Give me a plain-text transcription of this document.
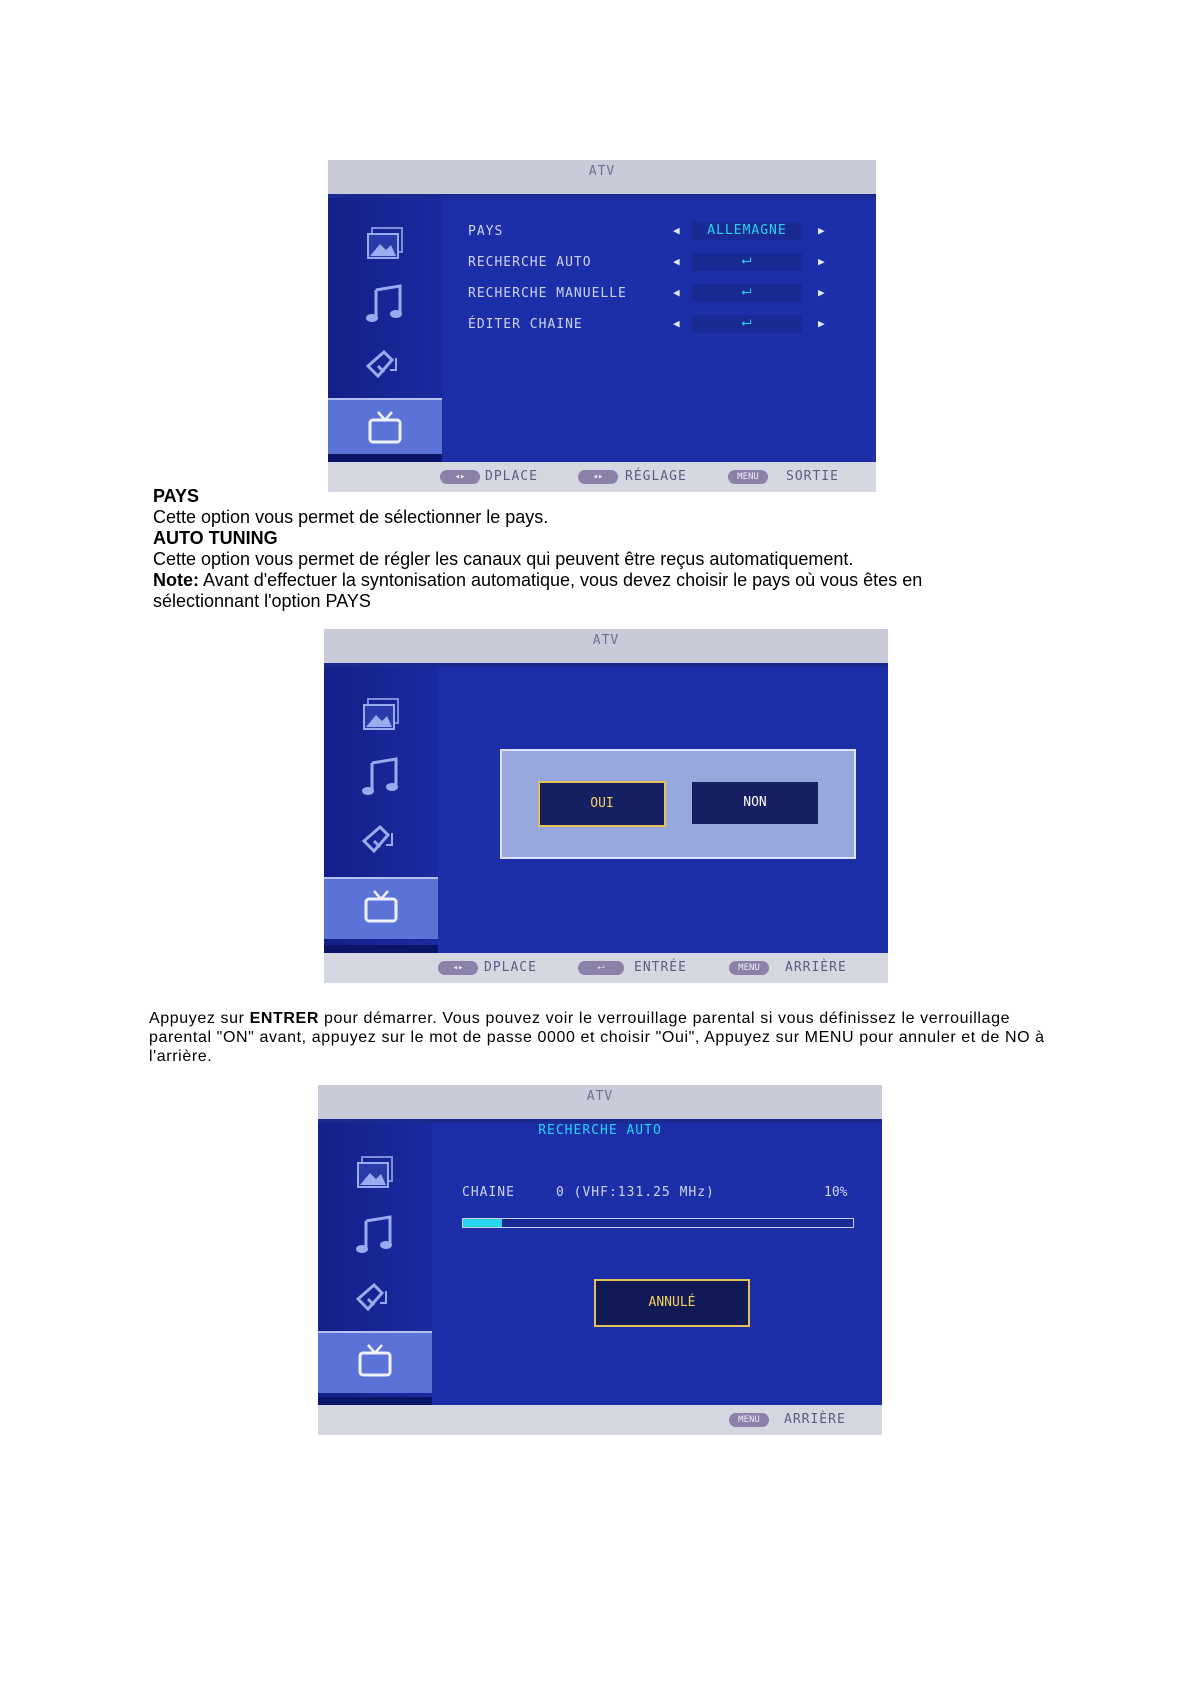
ATV
PAYS	◀	ALLEMAGNE	▶
RECHERCHE AUTO	◀	⮠	▶
RECHERCHE MANUELLE	◀	⮠	▶
ÉDITER CHAINE	◀	⮠	▶
◂▸	DPLACE	◂▸	RÉGLAGE	MENU	SORTIE
PAYS
Cette option vous permet de sélectionner le pays.
AUTO TUNING
Cette option vous permet de régler les canaux qui peuvent être reçus automatiquement.
Note: Avant d'effectuer la syntonisation automatique, vous devez choisir le pays où vous êtes en sélectionnant l'option PAYS
ATV
OUI	NON
◂▸	DPLACE	⮠	ENTRÉE	MENU	ARRIÈRE
Appuyez sur ENTRER pour démarrer. Vous pouvez voir le verrouillage parental si vous définissez le verrouillage parental "ON" avant, appuyez sur le mot de passe 0000 et choisir "Oui", Appuyez sur MENU pour annuler et de NO à l'arrière.
ATV
RECHERCHE AUTO
CHAINE	0 (VHF:131.25 MHz)	10%
ANNULÉ
MENU	ARRIÈRE
